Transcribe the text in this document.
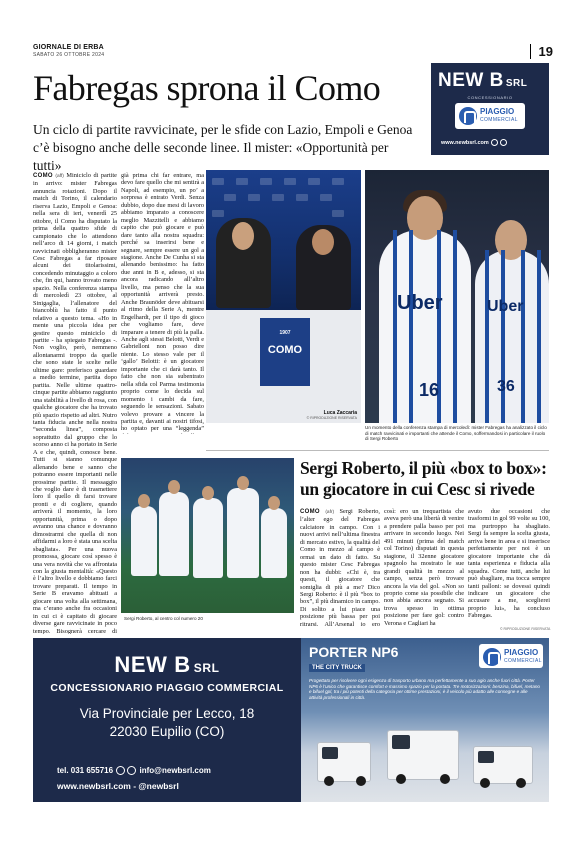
GIORNALE DI ERBA
SABATO 26 OTTOBRE 2024	19
Fabregas sprona il Como
Un ciclo di partite ravvicinate, per le sfide con Lazio, Empoli e Genoa c’è bisogno anche delle seconde linee. Il mister: «Opportunità per tutti»
NEW B SRL
CONCESSIONARIO
PIAGGIO
COMMERCIAL
www.newbsrl.com
COMO (aff) Miniciclo di partite in arrivo: mister Fabregas annuncia rotazioni. Dopo il match di Torino, il calendario riserva Lazio, Empoli e Genoa: nella sera di ieri, venerdì 25 ottobre, il Como ha disputato la prima della quattro sfide di campionato che lo attendono nell’arco di 14 giorni, i match ravvicinati obbligheranno mister Cesc Fabregas a far riposare alcuni dei titolarissimi, concedendo minutaggio a coloro che, fin qui, hanno trovato meno spazio. Nella conferenza stampa di mercoledì 23 ottobre, al Sinigaglia, l’allenatore del biancoblù ha fatto il punto relativo a questo tema. «Ho in mente una piccola idea per gestire questo miniciclo di partite - ha spiegato Fabregas -. Non voglio, però, nemmeno allontanarmi troppo da quelle che sono state le scelte nelle ultime gare: preferisco guardare a medio termine, partita dopo partita. Nelle ultime quattro-cinque partite abbiamo raggiunto una stabilità a livello di rosa, con qualche giocatore che ha trovato più spazio rispetto ad altri. Nutro tanta fiducia anche nella nostra “seconda linea”, composta soprattutto dal gruppo che lo scorso anno ci ha portato in Serie A e che, quindi, conosce bene. Tutti si stanno comunque allenando bene e sanno che potranno essere importanti nelle prossime partite. Il messaggio che voglio dare è di trasmettere loro il quello di farsi trovare pronti e di coglierе, quando arriverà il momento, la loro opportunità, prima o dopo avranno una chance e dovranno dimostrarmi che quella di non affidarmi a loro è stata una scelta sbagliata». Per una nuova promossa, giocare così spesso è una vera novità che va affrontata con la giusta mentalità: «Questo è l’altro livello e dobbiamo farci trovare preparati. Il tempo in Serie B eravamo abituati a giocare una volta alla settimana, ma c’erano anche fra occasioni in cui ci è capitato di giocare diverse gare ravvicinate in poco tempo. Bisognerà cercare di
già prima chi far entrare, ma devo fare quello che mi sentirà a Napoli, ad esempio, un po’ a sorpresa è entrato Verdi. Senza dubbio, dopo due mesi di lavoro abbiamo imparato a conoscere meglio Mazzitelli e abbiamo capito che può giocare e può dare tanto alla nostra squadra: perché sa inserirsi bene e segnare, sempre essere un gol a stagione. Anche De Cunha si sta allenando benissimo: ha fatto due anni in B e, adesso, si sta ancora radicando all’altro livello, ma penso che la sua opportunità arriverà presto. Anche Braunöder deve abituarsi al ritmo della Serie A, mentre Engelhardt, per il tipo di gioco che vogliamo fare, deve imparare a tenere di più la palla. Anche agli stessi Belotti, Verdi e Gabrielloni non posso dire niente. Lo stesso vale per il ‘gallo’ Belotti: è un giocatore importante che ci darà tanto. Il fatto che non sia subentrato nella sfida col Parma testimonia proprio come lo decida sul momento i cambi da fare, seguendo le sensazioni. Sabato volevo provare a vincere la partita e, davanti ai nostri tifosi, ho optato per una “leggenda”
1907
COMO
Luca Zaccaria
© RIPRODUZIONE RISERVATA
Uber
16
Uber
36
Un momento della conferenza stampa di mercoledì: mister Fabregas ha analizzato il ciclo di match ravvicinati e importanti che attende il Como, soffermandosi in particolare il ruolo di Sergi Roberto
Sergi Roberto, al centro col numero 20
Sergi Roberto, il più «box to box»: un giocatore in cui Cesc si rivede
COMO (afr) Sergi Roberto, l’alter ego del Fabregas calciatore in campo. Con i nuovi arrivi nell’ultima finestra di mercato estivo, la qualità del Como in mezzo al campo è ormai un dato di fatto. Su questo mister Cesc Fabregas non ha dubbi: «Chi è, tra questi, il giocatore che somiglia di più a me? Dico Sergi Roberto: è il più “box to box”, il più dinamico in campo. Di solito a lui piace una posizione più bassa per poi ritrarsi. All’Arsenal io ero
così: ero un trequartista che aveva però una libertà di venire a prendere palla basso per poi arrivare in secondo luogo. Nei 491 minuti (prima del match col Torino) disputati in questa stagione, il 32enne giocatore spagnolo ha mostrato le sue grandi qualità in mezzo al campo, senza però trovare ancora la via del gol. «Non so proprio come sia possibile che non abbia ancora segnato. Si trova spesso in ottima posizione per fare gol: contro Verona e Cagliari ha
avuto due occasioni che trasformi in gol 99 volte su 100, ma purtroppo ha sbagliato. Sergi fa sempre la scelta giusta, arriva bene in area e si inserisce perfettamente per noi è un giocatore importante che dà tanta esperienza e fiducia alla squadra. Come tutti, anche lui può sbagliare, ma tocca sempre tanti palloni: se dovessi quindi indicare un giocatore che accusare a me, sceglierei proprio lui», ha concluso Fabregas.
© RIPRODUZIONE RISERVATA
NEW B SRL
CONCESSIONARIO PIAGGIO COMMERCIAL
Via Provinciale per Lecco, 18
22030 Eupilio (CO)
tel. 031 655716	info@newbsrl.com
www.newbsrl.com - @newbsrl
PORTER NP6
THE CITY TRUCK
PIAGGIO
COMMERCIAL
Progettato per risolvere ogni esigenza di trasporto urbano ma perfettamente a suo agio anche fuori città. Porter NP6 è l’unico che garantisce comfort e massimo spazio per la portata. Tre motorizzazioni: benzina, bifuel, metano e bifuel gpl, tra i più potenti della categoria per ottime prestazioni, è il veicolo più adatto alle consegne e alle attività professionali in città.
